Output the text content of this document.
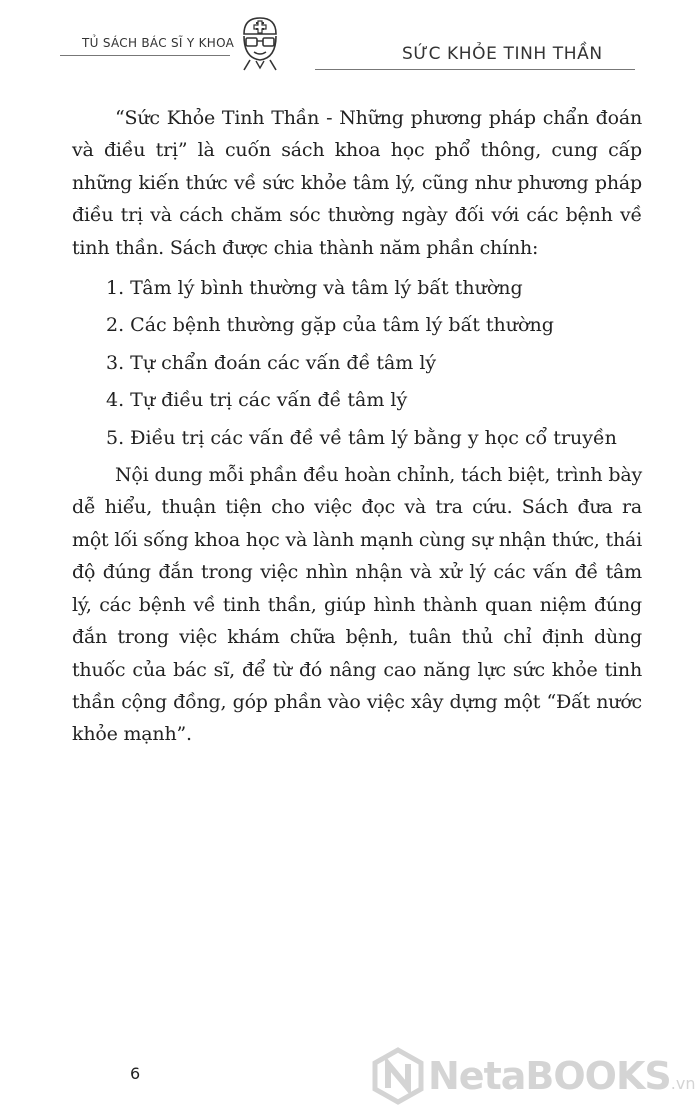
TỦ SÁCH BÁC SĨ Y KHOA
SỨC KHỎE TINH THẦN

“Sức Khỏe Tinh Thần - Những phương pháp chẩn đoán và điều trị” là cuốn sách khoa học phổ thông, cung cấp những kiến thức về sức khỏe tâm lý, cũng như phương pháp điều trị và cách chăm sóc thường ngày đối với các bệnh về tinh thần. Sách được chia thành năm phần chính:

1. Tâm lý bình thường và tâm lý bất thường
2. Các bệnh thường gặp của tâm lý bất thường
3. Tự chẩn đoán các vấn đề tâm lý
4. Tự điều trị các vấn đề tâm lý
5. Điều trị các vấn đề về tâm lý bằng y học cổ truyền

Nội dung mỗi phần đều hoàn chỉnh, tách biệt, trình bày dễ hiểu, thuận tiện cho việc đọc và tra cứu. Sách đưa ra một lối sống khoa học và lành mạnh cùng sự nhận thức, thái độ đúng đắn trong việc nhìn nhận và xử lý các vấn đề tâm lý, các bệnh về tinh thần, giúp hình thành quan niệm đúng đắn trong việc khám chữa bệnh, tuân thủ chỉ định dùng thuốc của bác sĩ, để từ đó nâng cao năng lực sức khỏe tinh thần cộng đồng, góp phần vào việc xây dựng một “Đất nước khỏe mạnh”.

6	NetaBOOKS.vn
